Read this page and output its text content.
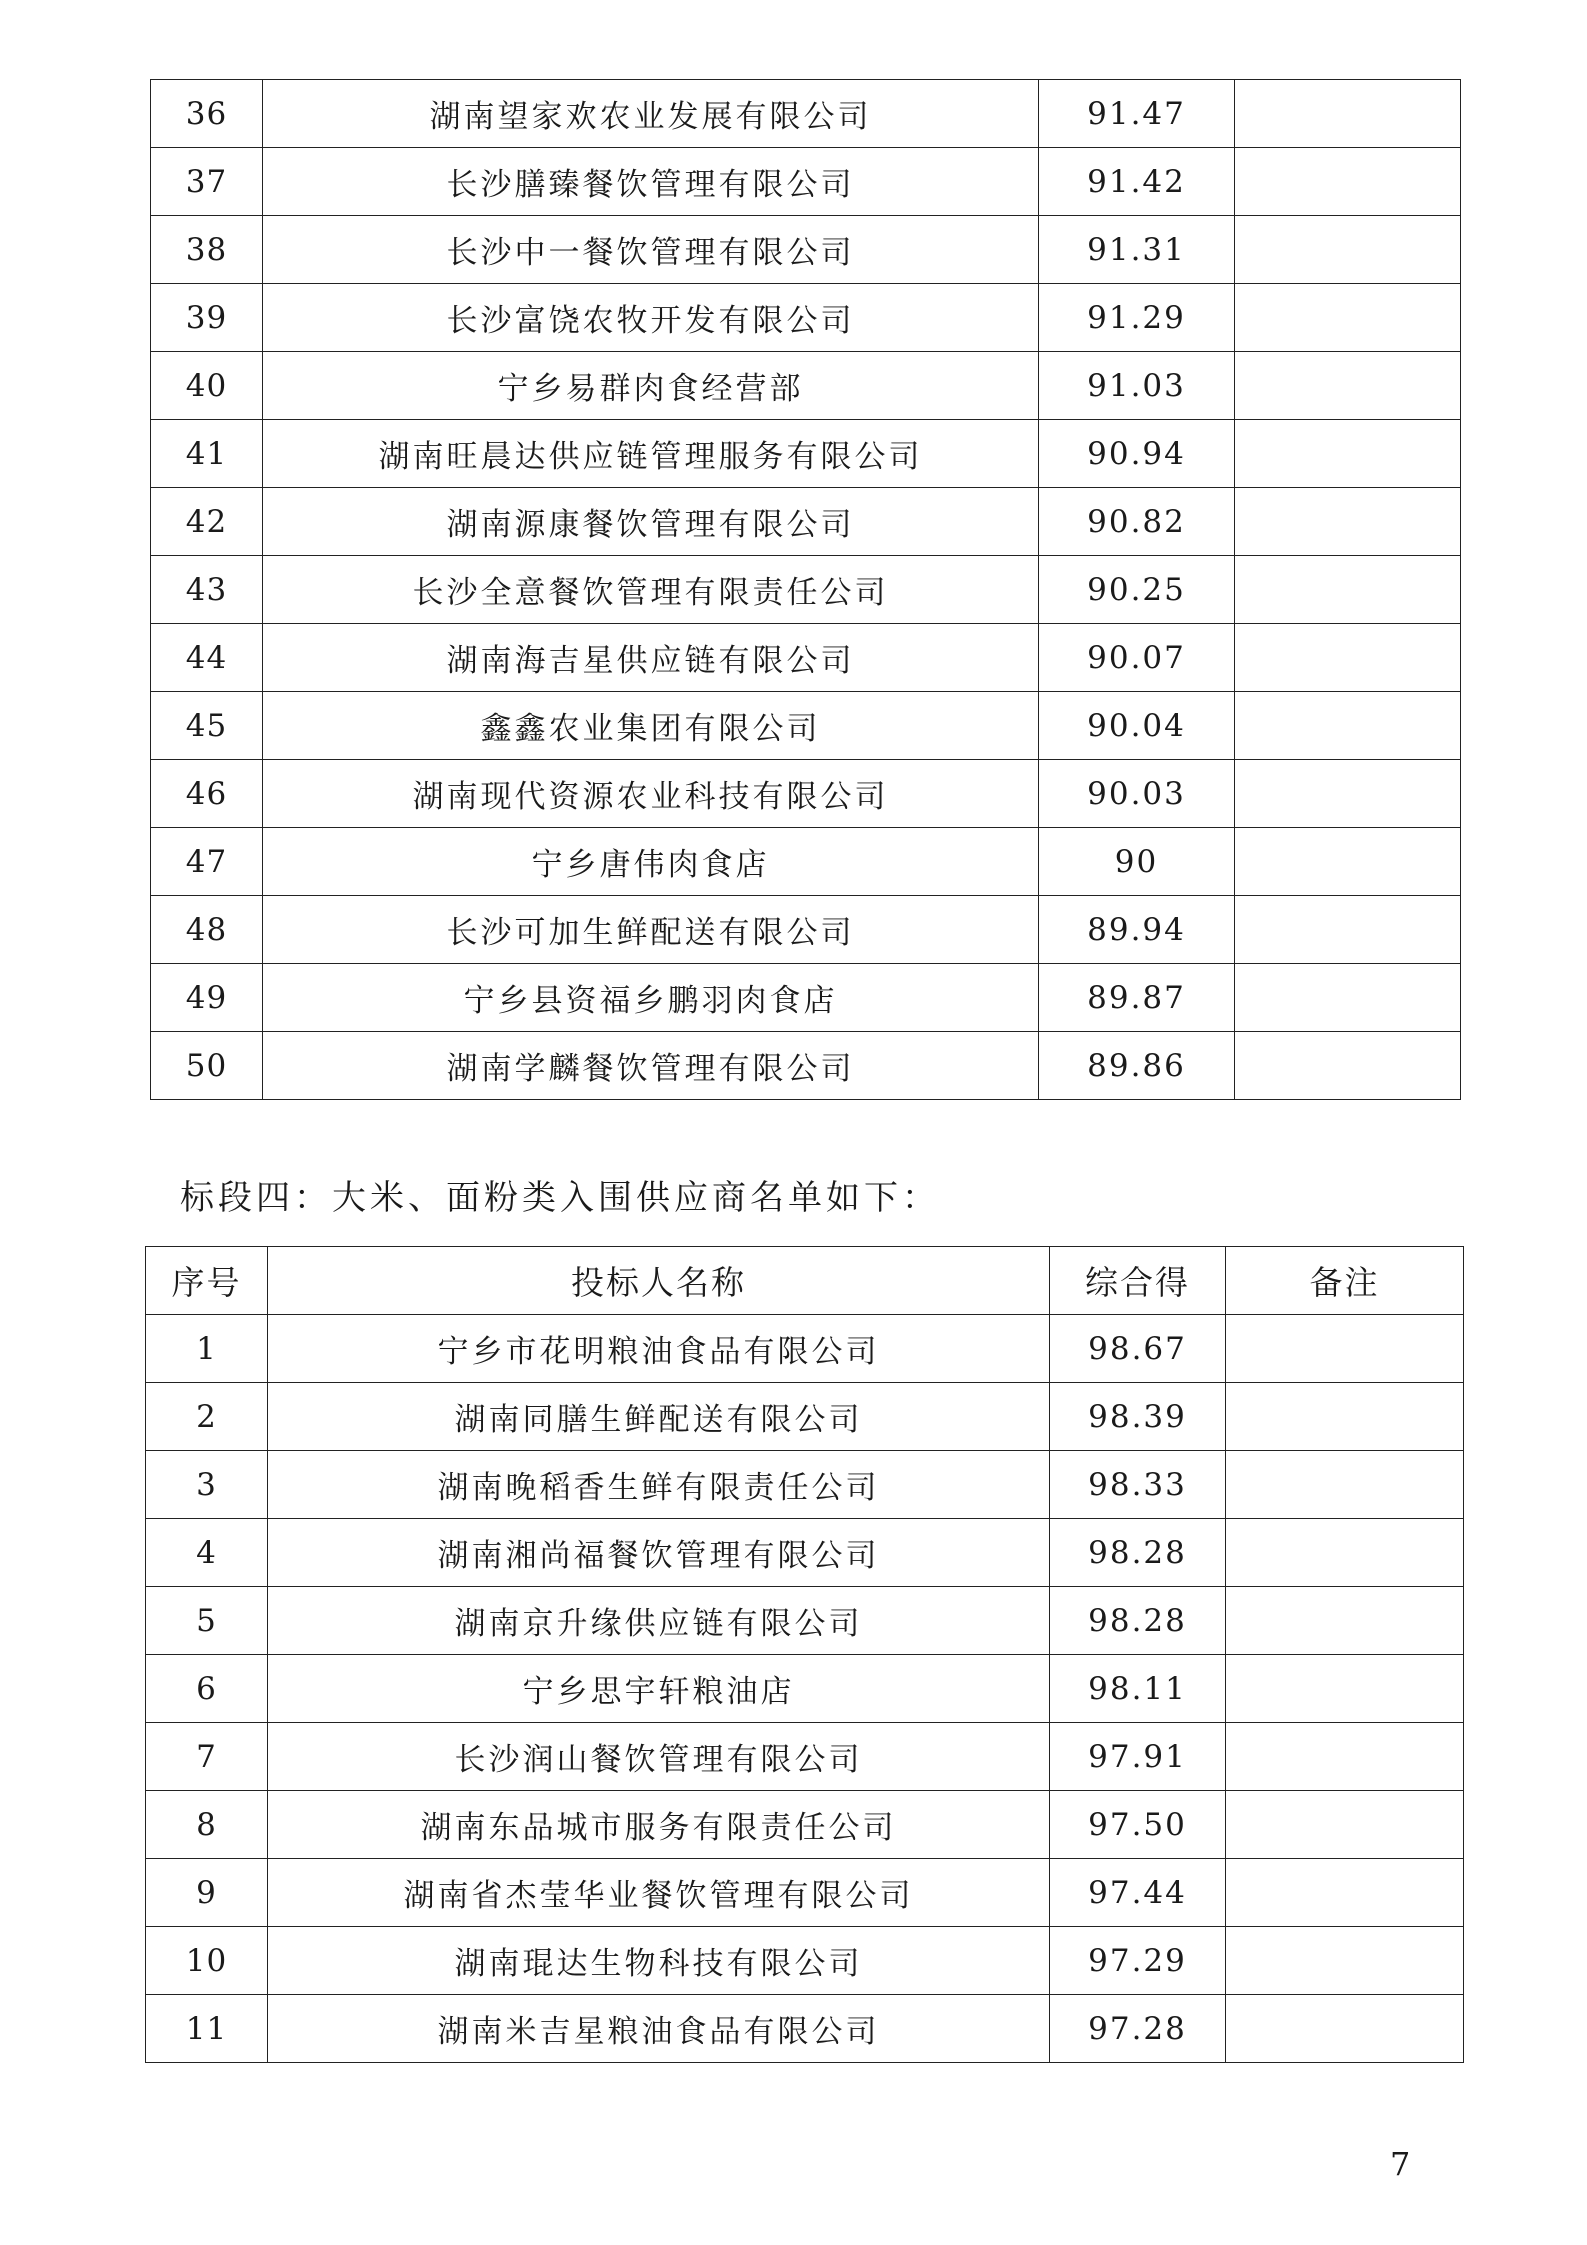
36	湖南望家欢农业发展有限公司	91.47	
37	长沙膳臻餐饮管理有限公司	91.42	
38	长沙中一餐饮管理有限公司	91.31	
39	长沙富饶农牧开发有限公司	91.29	
40	宁乡易群肉食经营部	91.03	
41	湖南旺晨达供应链管理服务有限公司	90.94	
42	湖南源康餐饮管理有限公司	90.82	
43	长沙全意餐饮管理有限责任公司	90.25	
44	湖南海吉星供应链有限公司	90.07	
45	鑫鑫农业集团有限公司	90.04	
46	湖南现代资源农业科技有限公司	90.03	
47	宁乡唐伟肉食店	90	
48	长沙可加生鲜配送有限公司	89.94	
49	宁乡县资福乡鹏羽肉食店	89.87	
50	湖南学麟餐饮管理有限公司	89.86	
标段四：大米、面粉类入围供应商名单如下：
序号	投标人名称	综合得	备注
1	宁乡市花明粮油食品有限公司	98.67	
2	湖南同膳生鲜配送有限公司	98.39	
3	湖南晚稻香生鲜有限责任公司	98.33	
4	湖南湘尚福餐饮管理有限公司	98.28	
5	湖南京升缘供应链有限公司	98.28	
6	宁乡思宇轩粮油店	98.11	
7	长沙润山餐饮管理有限公司	97.91	
8	湖南东品城市服务有限责任公司	97.50	
9	湖南省杰莹华业餐饮管理有限公司	97.44	
10	湖南琨达生物科技有限公司	97.29	
11	湖南米吉星粮油食品有限公司	97.28	
7
